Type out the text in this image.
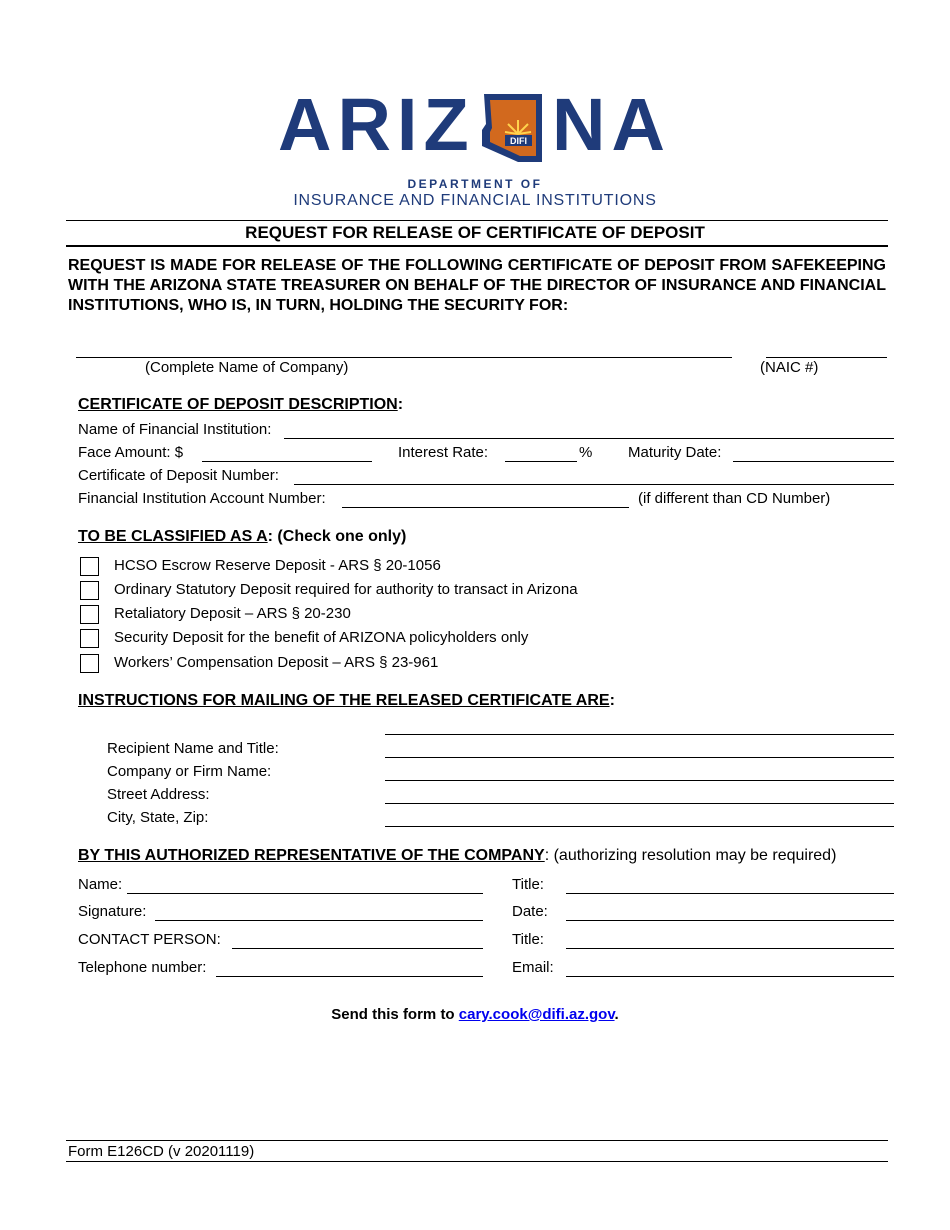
ARIZ	DIFI NA
DEPARTMENT OF
INSURANCE AND FINANCIAL INSTITUTIONS
REQUEST FOR RELEASE OF CERTIFICATE OF DEPOSIT
REQUEST IS MADE FOR RELEASE OF THE FOLLOWING CERTIFICATE OF DEPOSIT FROM SAFEKEEPING WITH THE ARIZONA STATE TREASURER ON BEHALF OF THE DIRECTOR OF INSURANCE AND FINANCIAL INSTITUTIONS, WHO IS, IN TURN, HOLDING THE SECURITY FOR:
(Complete Name of Company)	(NAIC #)
CERTIFICATE OF DEPOSIT DESCRIPTION:
Name of Financial Institution:
Face Amount: $	Interest Rate:	% Maturity Date:
Certificate of Deposit Number:
Financial Institution Account Number:	(if different than CD Number)
TO BE CLASSIFIED AS A: (Check one only)
HCSO Escrow Reserve Deposit - ARS § 20-1056
Ordinary Statutory Deposit required for authority to transact in Arizona
Retaliatory Deposit – ARS § 20-230
Security Deposit for the benefit of ARIZONA policyholders only
Workers’ Compensation Deposit – ARS § 23-961
INSTRUCTIONS FOR MAILING OF THE RELEASED CERTIFICATE ARE:
Recipient Name and Title:
Company or Firm Name:
Street Address:
City, State, Zip:
BY THIS AUTHORIZED REPRESENTATIVE OF THE COMPANY: (authorizing resolution may be required)
Name:	Title:
Signature:	Date:
CONTACT PERSON:	Title:
Telephone number:	Email:
Send this form to cary.cook@difi.az.gov.
Form E126CD (v 20201119)
